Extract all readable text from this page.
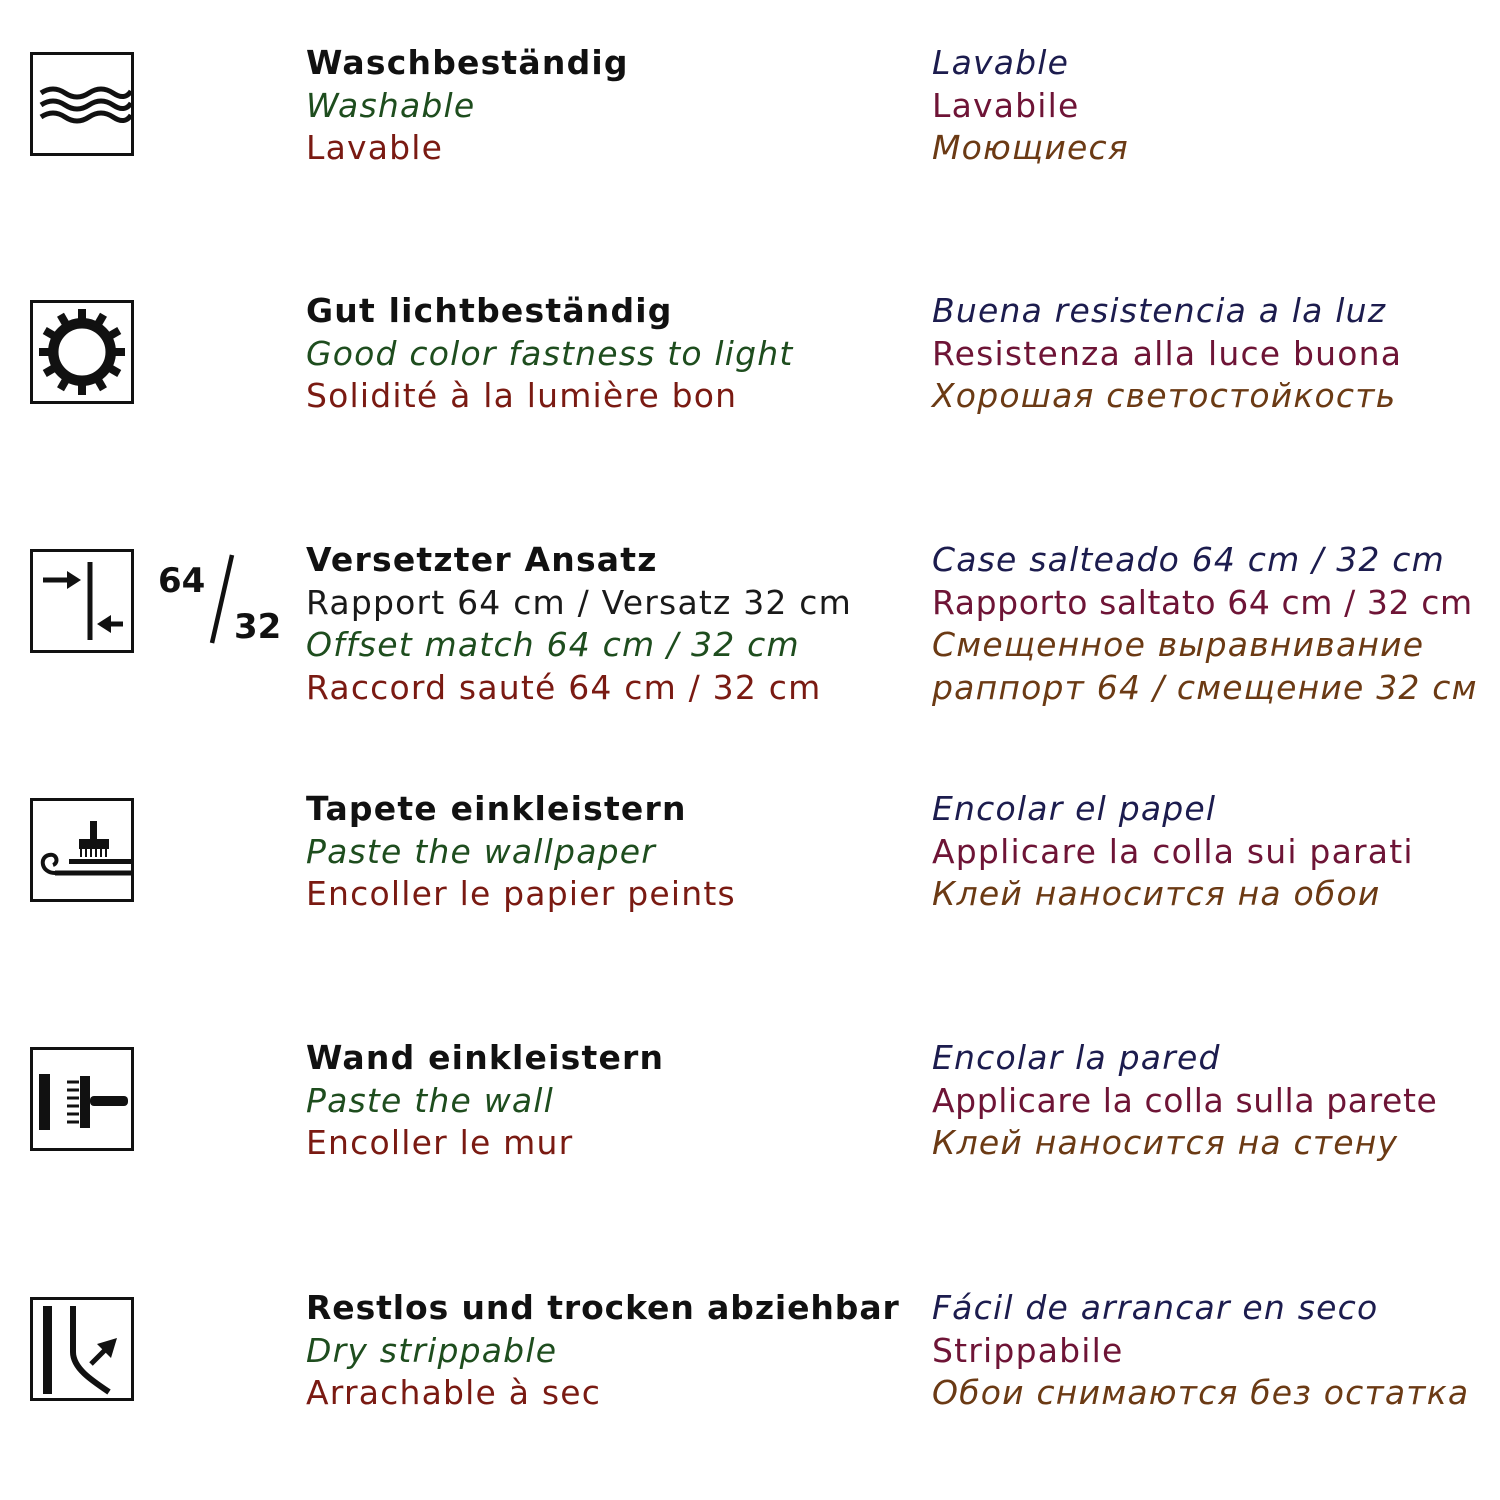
Waschbeständig
Washable
Lavable
Lavable
Lavabile
Моющиеся
Gut lichtbeständig
Good color fastness to light
Solidité à la lumière bon
Buena resistencia a la luz
Resistenza alla luce buona
Хорошая светостойкость
64
32
Versetzter Ansatz
Rapport 64 cm / Versatz 32 cm
Offset match 64 cm / 32 cm
Raccord sauté 64 cm / 32 cm
Case salteado 64 cm / 32 cm
Rapporto saltato 64 cm / 32 cm
Смещенное выравнивание
раппорт 64 / смещение 32 см
Tapete einkleistern
Paste the wallpaper
Encoller le papier peints
Encolar el papel
Applicare la colla sui parati
Клей наносится на обои
Wand einkleistern
Paste the wall
Encoller le mur
Encolar la pared
Applicare la colla sulla parete
Клей наносится на стену
Restlos und trocken abziehbar
Dry strippable
Arrachable à sec
Fácil de arrancar en seco
Strippabile
Обои снимаются без остатка
